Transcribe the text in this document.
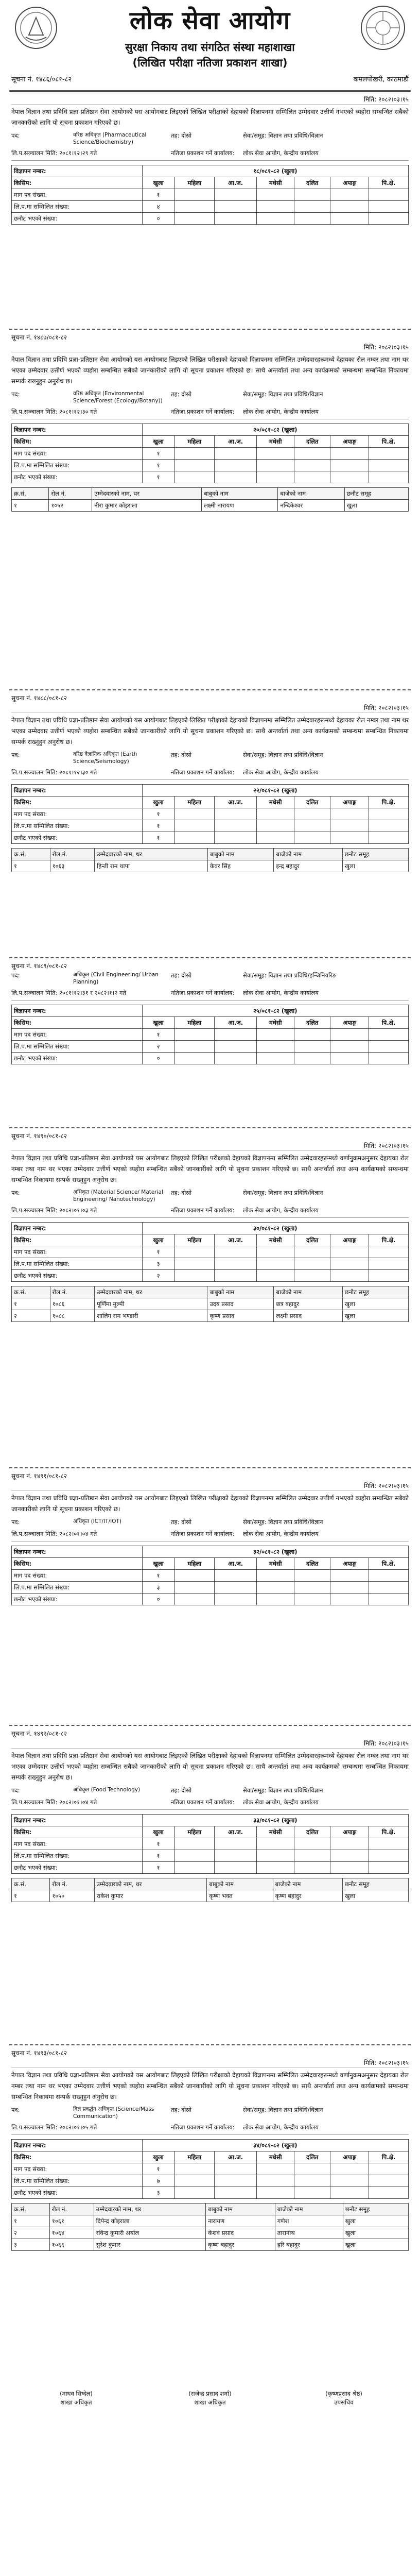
लोक सेवा आयोग
सुरक्षा निकाय तथा संगठित संस्था महाशाखा
(लिखित परीक्षा नतिजा प्रकाशन शाखा)
सूचना नं. १४८६/०८१-८२	कमलपोखरी, काठमाडौं
मिति: २०८२।०३।१५

नेपाल विज्ञान तथा प्रविधि प्रज्ञा-प्रतिष्ठान सेवा आयोगको यस आयोगबाट लिइएको लिखित परीक्षाको देहायको विज्ञापनमा सम्मिलित उम्मेदवार उत्तीर्ण नभएको व्यहोरा सम्बन्धित सबैको जानकारीको लागि यो सूचना प्रकाशन गरिएको छ।

पद:	वरिष्ठ अधिकृत (Pharmaceutical Science/Biochemistry)
तह: दोस्रो	सेवा/समूह: विज्ञान तथा प्रविधि/विज्ञान
लि.प.सञ्चालन मिति: २०८१।१२।२९ गते	नतिजा प्रकाशन गर्ने कार्यालय:	लोक सेवा आयोग, केन्द्रीय कार्यालय
विज्ञापन नम्बर:	१८/०८१-८२ (खुला)						
किसिम:	खुला	महिला	आ.ज.	मधेसी	दलित	अपाङ्ग	पि.क्षे.
माग पद संख्या:	१						
लि.प.मा सम्मिलित संख्या:	४						
छनौट भएको संख्या:	०						
सूचना नं. १४८७/०८१-८२
मिति: २०८२।०३।१५

नेपाल विज्ञान तथा प्रविधि प्रज्ञा-प्रतिष्ठान सेवा आयोगको यस आयोगबाट लिइएको लिखित परीक्षाको देहायको विज्ञापनमा सम्मिलित उम्मेदवारहरूमध्ये देहायका रोल नम्बर तथा नाम थर भएका उम्मेदवार उत्तीर्ण भएको व्यहोरा सम्बन्धित सबैको जानकारीको लागि यो सूचना प्रकाशन गरिएको छ। साथै अन्तर्वार्ता तथा अन्य कार्यक्रमको सम्बन्धमा सम्बन्धित निकायमा सम्पर्क राख्नुहुन अनुरोध छ।

पद:	वरिष्ठ अधिकृत (Environmental Science/Forest (Ecology/Botany))
तह: दोस्रो	सेवा/समूह: विज्ञान तथा प्रविधि/विज्ञान
लि.प.सञ्चालन मिति: २०८१।१२।३० गते	नतिजा प्रकाशन गर्ने कार्यालय:	लोक सेवा आयोग, केन्द्रीय कार्यालय
विज्ञापन नम्बर:	२०/०८१-८२ (खुला)						
किसिम:	खुला	महिला	आ.ज.	मधेसी	दलित	अपाङ्ग	पि.क्षे.
माग पद संख्या:	१						
लि.प.मा सम्मिलित संख्या:	१						
छनौट भएको संख्या:	१						
क्र.सं.	रोल नं.	उम्मेदवारको नाम, थर	बाबुको नाम	बाजेको नाम	छनौट समूह
१	१०५२	नीरा कुमार कोइराला	लक्ष्मी नारायण	नन्दिकेश्वर	खुला
सूचना नं. १४८८/०८१-८२
मिति: २०८२।०३।१५

नेपाल विज्ञान तथा प्रविधि प्रज्ञा-प्रतिष्ठान सेवा आयोगको यस आयोगबाट लिइएको लिखित परीक्षाको देहायको विज्ञापनमा सम्मिलित उम्मेदवारहरूमध्ये देहायका रोल नम्बर तथा नाम थर भएका उम्मेदवार उत्तीर्ण भएको व्यहोरा सम्बन्धित सबैको जानकारीको लागि यो सूचना प्रकाशन गरिएको छ। साथै अन्तर्वार्ता तथा अन्य कार्यक्रमको सम्बन्धमा सम्बन्धित निकायमा सम्पर्क राख्नुहुन अनुरोध छ।

पद:	वरिष्ठ वैज्ञानिक अधिकृत (Earth Science/Seismology)
तह: दोस्रो	सेवा/समूह: विज्ञान तथा प्रविधि/विज्ञान
लि.प.सञ्चालन मिति: २०८१।१२।३० गते	नतिजा प्रकाशन गर्ने कार्यालय:	लोक सेवा आयोग, केन्द्रीय कार्यालय
विज्ञापन नम्बर:	२२/०८१-८२ (खुला)						
किसिम:	खुला	महिला	आ.ज.	मधेसी	दलित	अपाङ्ग	पि.क्षे.
माग पद संख्या:	१						
लि.प.मा सम्मिलित संख्या:	१						
छनौट भएको संख्या:	१						
क्र.सं.	रोल नं.	उम्मेदवारको नाम, थर	बाबुको नाम	बाजेको नाम	छनौट समूह
१	१०६३	हिन्ती राम थापा	केवर सिंह	इन्द्र बहादुर	खुला
सूचना नं. १४८९/०८१-८२
पद:	अधिकृत (Civil Engineering/ Urban Planning)
तह: दोस्रो	सेवा/समूह: विज्ञान तथा प्रविधि/इन्जिनियरिङ
लि.प.सञ्चालन मिति: २०८१।१२।३१ र २०८२।१।२ गते	नतिजा प्रकाशन गर्ने कार्यालय:	लोक सेवा आयोग, केन्द्रीय कार्यालय
विज्ञापन नम्बर:	२५/०८१-८२ (खुला)						
किसिम:	खुला	महिला	आ.ज.	मधेसी	दलित	अपाङ्ग	पि.क्षे.
माग पद संख्या:	१						
लि.प.मा सम्मिलित संख्या:	२						
छनौट भएको संख्या:	०						
सूचना नं. १४९०/०८१-८२
मिति: २०८२।०३।१५

नेपाल विज्ञान तथा प्रविधि प्रज्ञा-प्रतिष्ठान सेवा आयोगको यस आयोगबाट लिइएको लिखित परीक्षाको देहायको विज्ञापनमा सम्मिलित उम्मेदवारहरूमध्ये वर्णानुक्रमअनुसार देहायका रोल नम्बर तथा नाम थर भएका उम्मेदवार उत्तीर्ण भएको व्यहोरा सम्बन्धित सबैको जानकारीको लागि यो सूचना प्रकाशन गरिएको छ। साथै अन्तर्वार्ता तथा अन्य कार्यक्रमको सम्बन्धमा सम्बन्धित निकायमा सम्पर्क राख्नुहुन अनुरोध छ।

पद:	अधिकृत (Material Science/ Material Engineering/ Nanotechnology)
तह: दोस्रो	सेवा/समूह: विज्ञान तथा प्रविधि/विज्ञान
लि.प.सञ्चालन मिति: २०८२।०१।०३ गते	नतिजा प्रकाशन गर्ने कार्यालय:	लोक सेवा आयोग, केन्द्रीय कार्यालय
विज्ञापन नम्बर:	३०/०८१-८२ (खुला)						
किसिम:	खुला	महिला	आ.ज.	मधेसी	दलित	अपाङ्ग	पि.क्षे.
माग पद संख्या:	१						
लि.प.मा सम्मिलित संख्या:	३						
छनौट भएको संख्या:	२						
क्र.सं.	रोल नं.	उम्मेदवारको नाम, थर	बाबुको नाम	बाजेको नाम	छनौट समूह
१	१०८६	पूर्णिमा मुल्मी	उदय प्रसाद	छत्र बहादुर	खुला
२	१०८८	शालिग राम भण्डारी	कृष्ण प्रसाद	लक्ष्मी प्रसाद	खुला
सूचना नं. १४९१/०८१-८२
मिति: २०८२।०३।१५

नेपाल विज्ञान तथा प्रविधि प्रज्ञा-प्रतिष्ठान सेवा आयोगको यस आयोगबाट लिइएको लिखित परीक्षाको देहायको विज्ञापनमा सम्मिलित उम्मेदवार उत्तीर्ण नभएको व्यहोरा सम्बन्धित सबैको जानकारीको लागि यो सूचना प्रकाशन गरिएको छ।

पद:	अधिकृत (ICT/IT/IOT)	तह: दोस्रो	सेवा/समूह: विज्ञान तथा प्रविधि/विज्ञान
लि.प.सञ्चालन मिति: २०८२।०१।०४ गते	नतिजा प्रकाशन गर्ने कार्यालय:	लोक सेवा आयोग, केन्द्रीय कार्यालय
विज्ञापन नम्बर:	३२/०८१-८२ (खुला)						
किसिम:	खुला	महिला	आ.ज.	मधेसी	दलित	अपाङ्ग	पि.क्षे.
माग पद संख्या:	१						
लि.प.मा सम्मिलित संख्या:	३						
छनौट भएको संख्या:	०						
सूचना नं. १४९२/०८१-८२
मिति: २०८२।०३।१५

नेपाल विज्ञान तथा प्रविधि प्रज्ञा-प्रतिष्ठान सेवा आयोगको यस आयोगबाट लिइएको लिखित परीक्षाको देहायको विज्ञापनमा सम्मिलित उम्मेदवारहरूमध्ये देहायका रोल नम्बर तथा नाम थर भएका उम्मेदवार उत्तीर्ण भएको व्यहोरा सम्बन्धित सबैको जानकारीको लागि यो सूचना प्रकाशन गरिएको छ। साथै अन्तर्वार्ता तथा अन्य कार्यक्रमको सम्बन्धमा सम्बन्धित निकायमा सम्पर्क राख्नुहुन अनुरोध छ।

पद:	अधिकृत (Food Technology)	तह: दोस्रो	सेवा/समूह: विज्ञान तथा प्रविधि/विज्ञान
लि.प.सञ्चालन मिति: २०८२।०१।०४ गते	नतिजा प्रकाशन गर्ने कार्यालय:	लोक सेवा आयोग, केन्द्रीय कार्यालय
विज्ञापन नम्बर:	३३/०८१-८२ (खुला)						
किसिम:	खुला	महिला	आ.ज.	मधेसी	दलित	अपाङ्ग	पि.क्षे.
माग पद संख्या:	१						
लि.प.मा सम्मिलित संख्या:	१						
छनौट भएको संख्या:	१						
क्र.सं.	रोल नं.	उम्मेदवारको नाम, थर	बाबुको नाम	बाजेको नाम	छनौट समूह
१	१०५०	राकेश कुमार	कृष्ण भक्त	कृष्ण बहादुर	खुला
सूचना नं. १४९३/०८१-८२
मिति: २०८२।०३।१५

नेपाल विज्ञान तथा प्रविधि प्रज्ञा-प्रतिष्ठान सेवा आयोगको यस आयोगबाट लिइएको लिखित परीक्षाको देहायको विज्ञापनमा सम्मिलित उम्मेदवारहरूमध्ये वर्णानुक्रमअनुसार देहायका रोल नम्बर तथा नाम थर भएका उम्मेदवार उत्तीर्ण भएको व्यहोरा सम्बन्धित सबैको जानकारीको लागि यो सूचना प्रकाशन गरिएको छ। साथै अन्तर्वार्ता तथा अन्य कार्यक्रमको सम्बन्धमा सम्बन्धित निकायमा सम्पर्क राख्नुहुन अनुरोध छ।

पद:	विज्ञ प्रवर्द्धन अधिकृत (Science/Mass Communication)
तह: दोस्रो	सेवा/समूह: विज्ञान तथा प्रविधि/विज्ञान
लि.प.सञ्चालन मिति: २०८२।०१।०५ गते	नतिजा प्रकाशन गर्ने कार्यालय:	लोक सेवा आयोग, केन्द्रीय कार्यालय
विज्ञापन नम्बर:	३४/०८१-८२ (खुला)						
किसिम:	खुला	महिला	आ.ज.	मधेसी	दलित	अपाङ्ग	पि.क्षे.
माग पद संख्या:	१						
लि.प.मा सम्मिलित संख्या:	७						
छनौट भएको संख्या:	३						
क्र.सं.	रोल नं.	उम्मेदवारको नाम, थर	बाबुको नाम	बाजेको नाम	छनौट समूह
१	१०६१	दिपेन्द्र कोइराला	नारायण	गणेश	खुला
२	१०६४	रविन्द्र कुमारी अर्याल	केशव प्रसाद	तारानाथ	खुला
३	१०६६	सुरेश कुमार	कृष्ण बहादुर	हरि बहादुर	खुला
(माधव सिग्देल)
शाखा अधिकृत
(राजेन्द्र प्रसाद शर्मा)
शाखा अधिकृत
(कृष्णप्रसाद श्रेष्ठ)
उपसचिव
